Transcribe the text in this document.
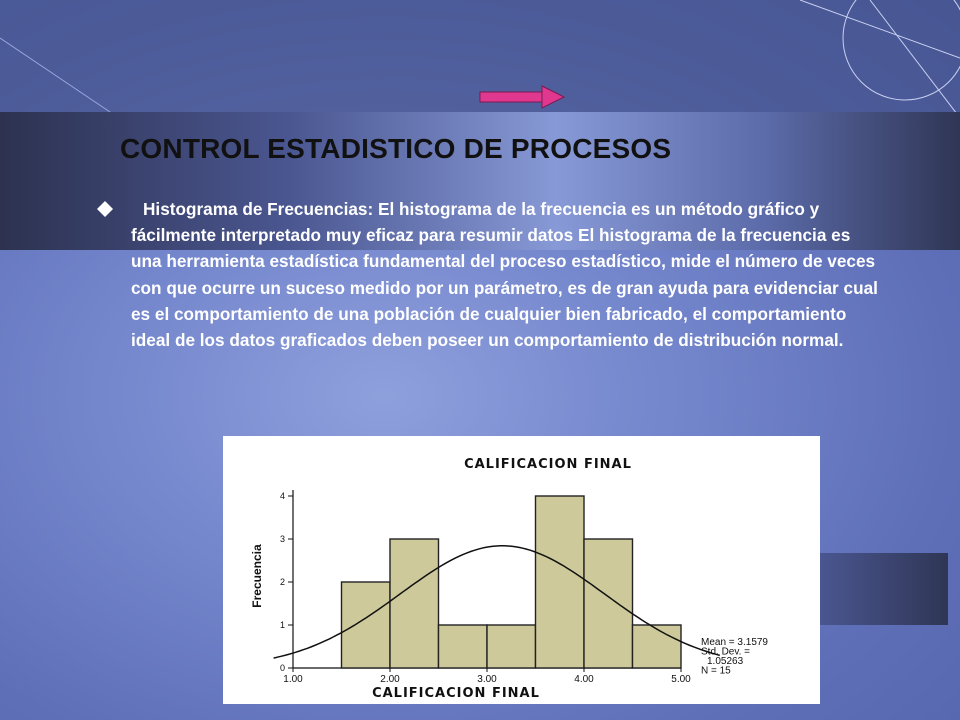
CONTROL ESTADISTICO DE PROCESOS
Histograma de Frecuencias: El histograma de la frecuencia es un método gráfico y fácilmente interpretado muy eficaz para resumir datos El histograma de la frecuencia es una herramienta estadística fundamental del proceso estadístico, mide el número de veces con que ocurre un suceso medido por un parámetro, es de gran ayuda para evidenciar cual es el comportamiento de una población de cualquier bien fabricado, el comportamiento ideal de los datos graficados deben poseer un comportamiento de distribución normal.
CALIFICACION FINAL
Frecuencia
CALIFICACION FINAL
0
1
2
3
4
1.00	2.00	3.00	4.00	5.00
Mean = 3.1579
Std. Dev. =
1.05263
N = 15
